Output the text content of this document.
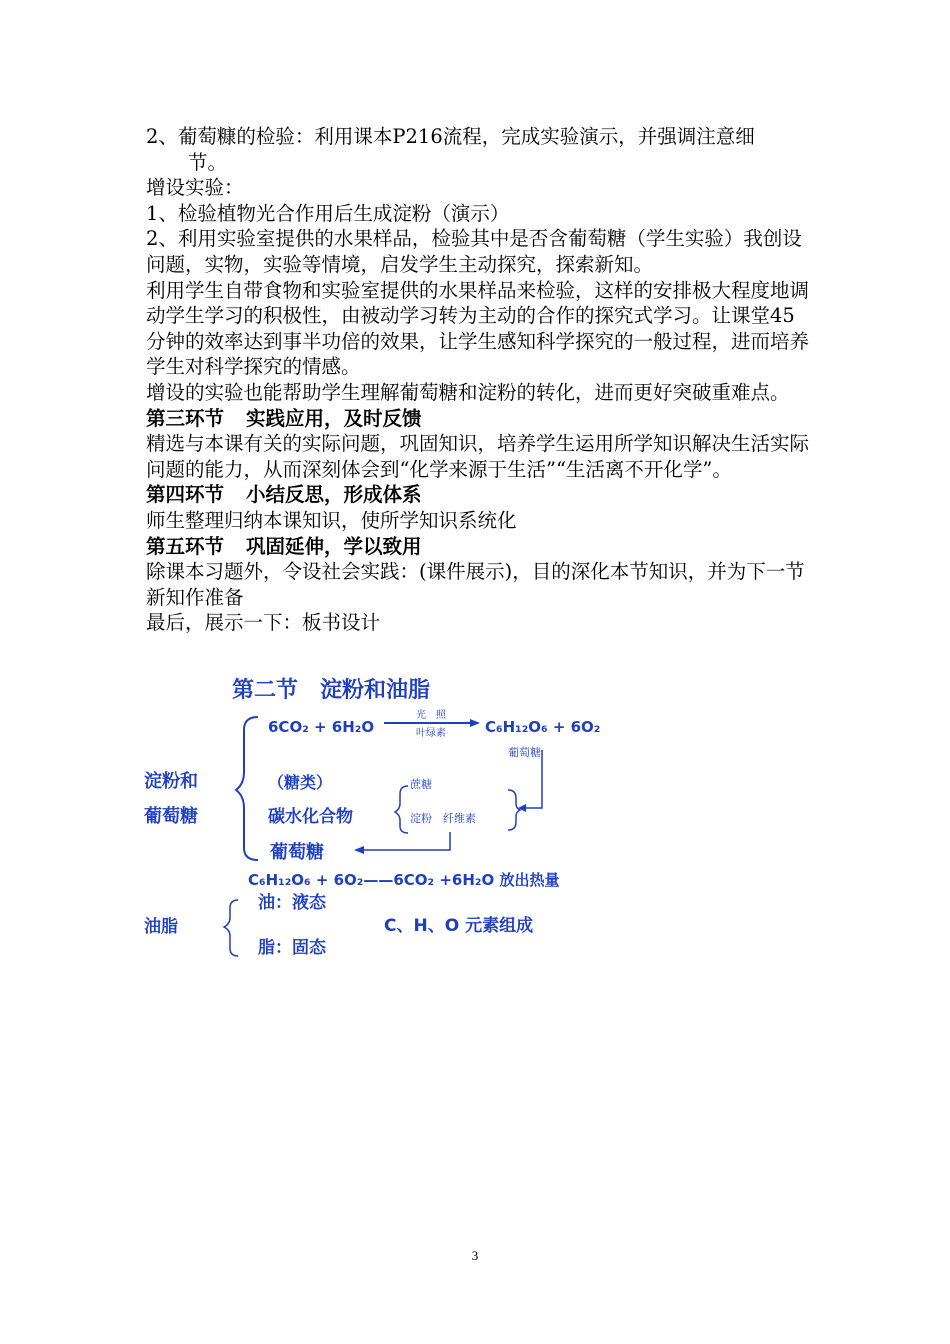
2、葡萄糠的检验：利用课本P216流程，完成实验演示，并强调注意细

节。

增设实验：

1、检验植物光合作用后生成淀粉（演示）

2、利用实验室提供的水果样品，检验其中是否含葡萄糖（学生实验）我创设问题，实物，实验等情境，启发学生主动探究，探索新知。

利用学生自带食物和实验室提供的水果样品来检验，这样的安排极大程度地调动学生学习的积极性，由被动学习转为主动的合作的探究式学习。让课堂45分钟的效率达到事半功倍的效果，让学生感知科学探究的一般过程，进而培养学生对科学探究的情感。

增设的实验也能帮助学生理解葡萄糖和淀粉的转化，进而更好突破重难点。

第三环节 实践应用，及时反馈

精选与本课有关的实际问题，巩固知识，培养学生运用所学知识解决生活实际问题的能力，从而深刻体会到“化学来源于生活”“生活离不开化学”。

第四环节 小结反思，形成体系

师生整理归纳本课知识，使所学知识系统化

第五环节 巩固延伸，学以致用

除课本习题外，令设社会实践：(课件展示)，目的深化本节知识，并为下一节新知作准备

最后，展示一下：板书设计

第二节　淀粉和油脂
6CO₂ + 6H₂O
光　照
叶绿素	C₆H₁₂O₆ + 6O₂
葡萄糖
淀粉和
葡萄糖
（糖类）	蔗糖
碳水化合物	淀粉　纤维素
葡萄糖
C₆H₁₂O₆ + 6O₂——6CO₂ +6H₂O 放出热量
油脂
油：液态
脂：固态
C、H、O 元素组成
3
